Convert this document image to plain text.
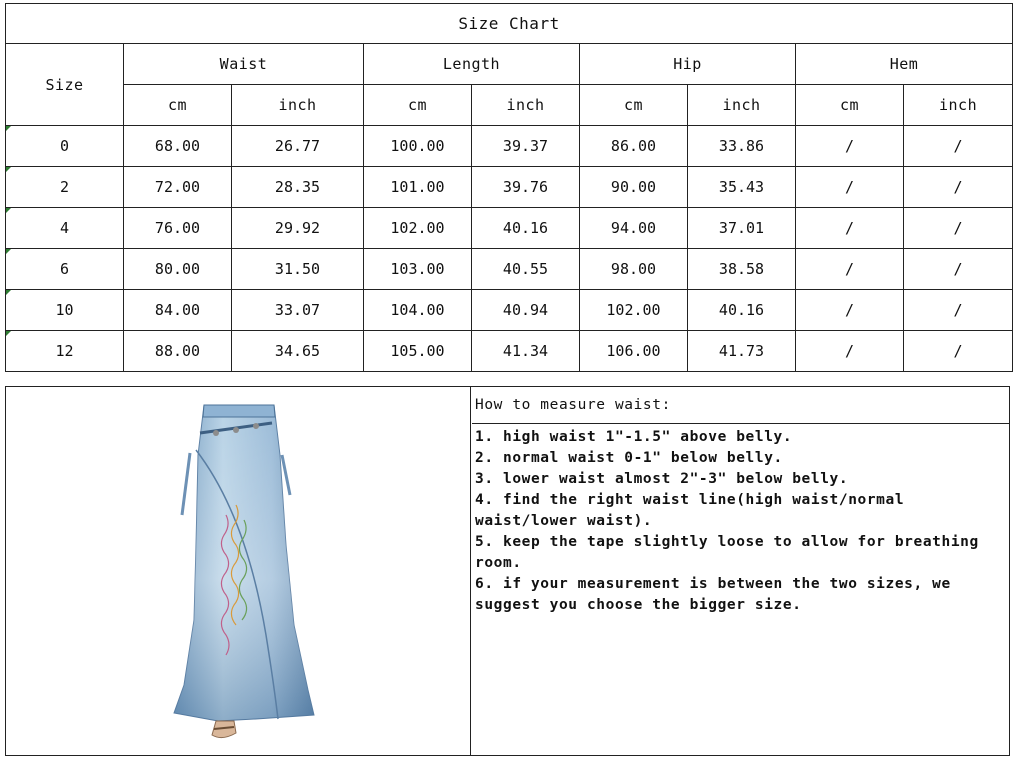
Size Chart								
Size	Waist		Length		Hip		Hem	
	cm	inch	cm	inch	cm	inch	cm	inch
0	68.00	26.77	100.00	39.37	86.00	33.86	/	/
2	72.00	28.35	101.00	39.76	90.00	35.43	/	/
4	76.00	29.92	102.00	40.16	94.00	37.01	/	/
6	80.00	31.50	103.00	40.55	98.00	38.58	/	/
10	84.00	33.07	104.00	40.94	102.00	40.16	/	/
12	88.00	34.65	105.00	41.34	106.00	41.73	/	/
How to measure waist:
1. high waist 1"-1.5" above belly.
2. normal waist 0-1" below belly.
3. lower waist almost 2"-3" below belly.
4. find the right waist line(high waist/normal waist/lower waist).
5. keep the tape slightly loose to allow for breathing room.
6. if your measurement is between the two sizes, we suggest you choose the bigger size.
